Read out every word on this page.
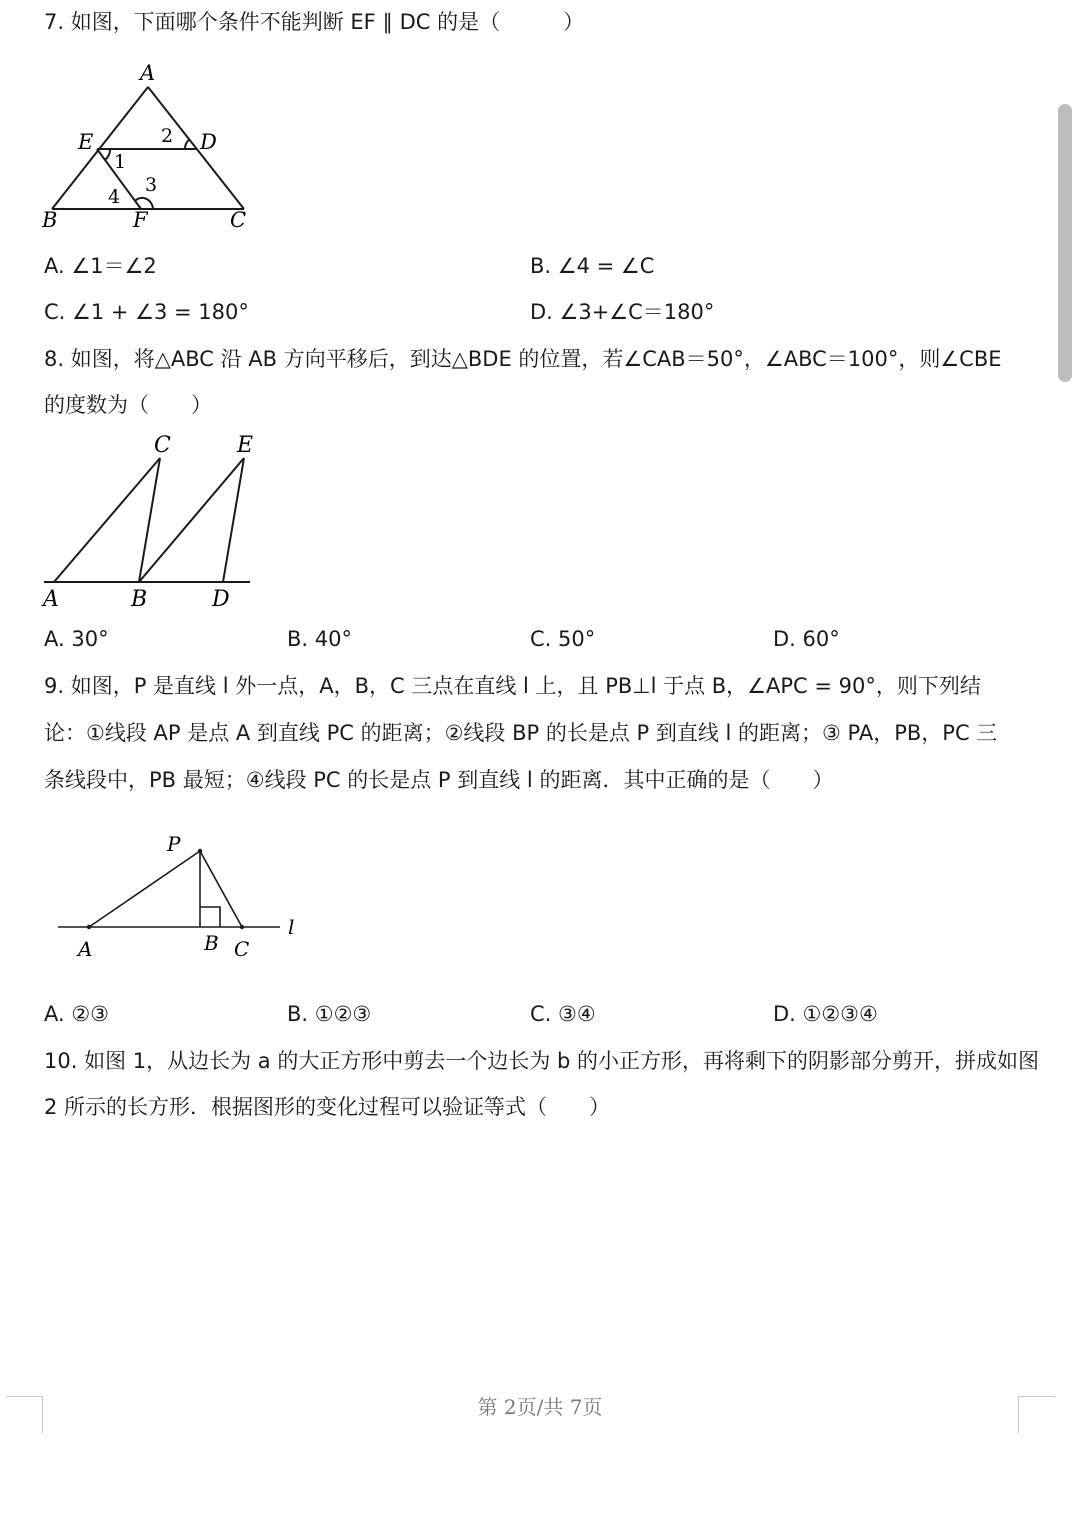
7. 如图，下面哪个条件不能判断 EF ∥ DC 的是（　　　）
A
E	D
B	F	C
1
2
3
4
A. ∠1＝∠2	B. ∠4 = ∠C
C. ∠1 + ∠3 = 180°	D. ∠3+∠C＝180°
8. 如图，将△ABC 沿 AB 方向平移后，到达△BDE 的位置，若∠CAB＝50°，∠ABC＝100°，则∠CBE
的度数为（　　）
C	E
A	B	D
A. 30°	B. 40°	C. 50°	D. 60°
9. 如图，P 是直线 l 外一点，A，B，C 三点在直线 l 上，且 PB⊥l 于点 B，∠APC = 90°，则下列结
论：①线段 AP 是点 A 到直线 PC 的距离；②线段 BP 的长是点 P 到直线 l 的距离；③ PA，PB，PC 三
条线段中，PB 最短；④线段 PC 的长是点 P 到直线 l 的距离．其中正确的是（　　）
P
A	B C
l
A. ②③	B. ①②③	C. ③④	D. ①②③④
10. 如图 1，从边长为 a 的大正方形中剪去一个边长为 b 的小正方形，再将剩下的阴影部分剪开，拼成如图
2 所示的长方形．根据图形的变化过程可以验证等式（　　）
第 2页/共 7页
